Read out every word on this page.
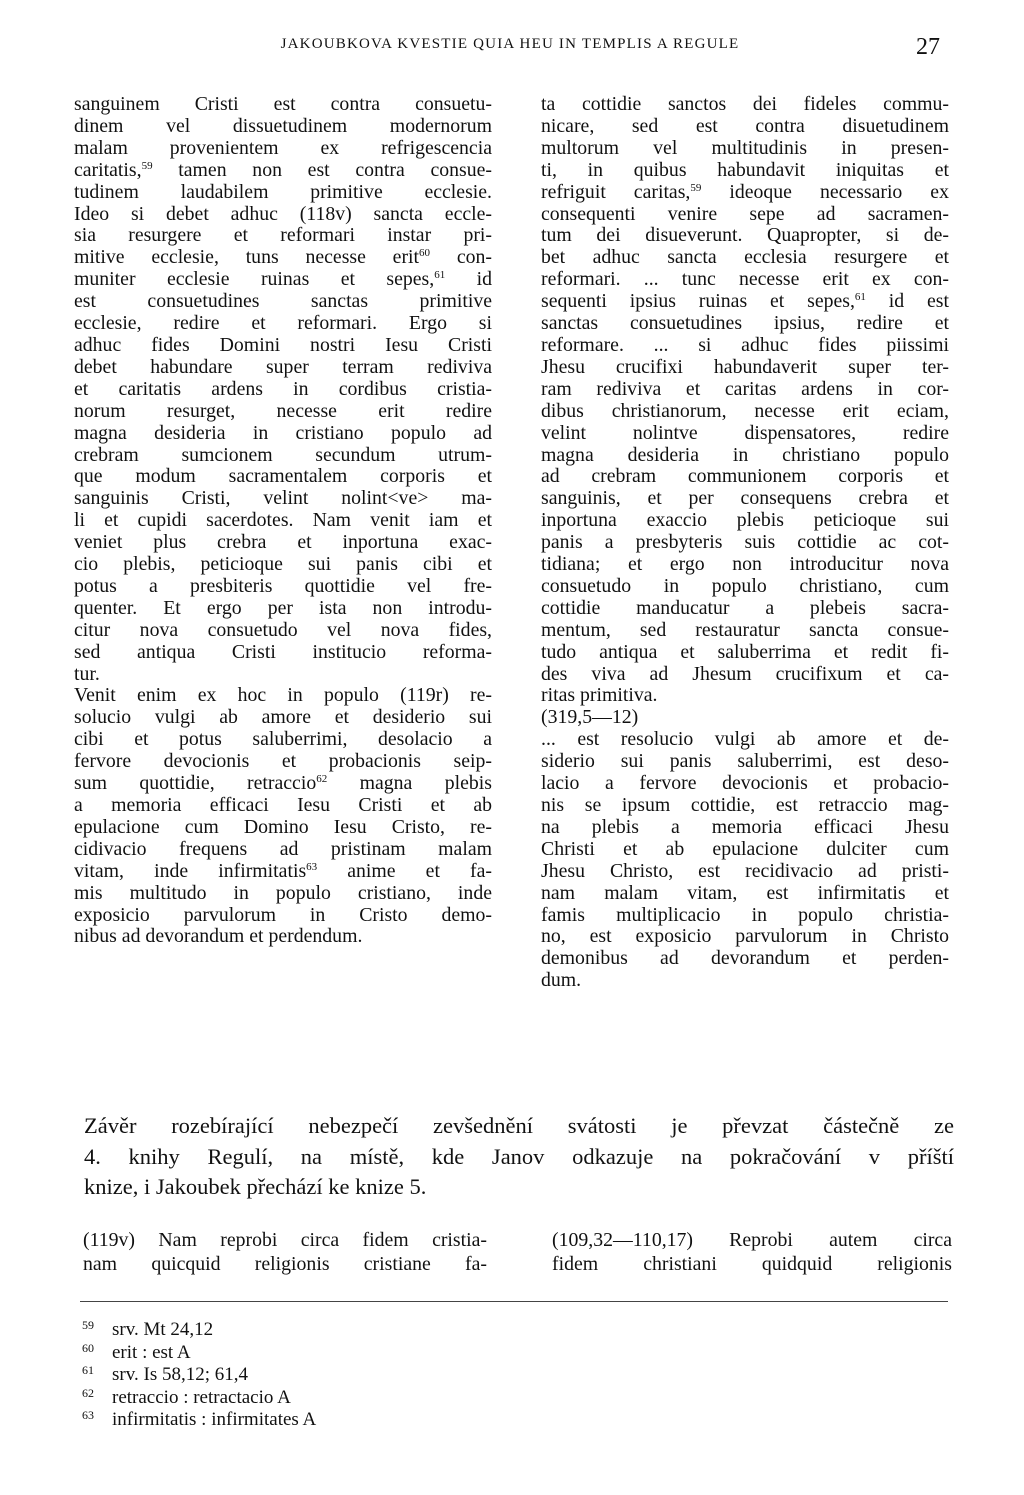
JAKOUBKOVA KVESTIE QUIA HEU IN TEMPLIS A REGULE	27
sanguinem Cristi est contra consuetu-
dinem vel dissuetudinem modernorum
malam provenientem ex refrigescencia
caritatis,$^{59}$ tamen non est contra consue-
tudinem laudabilem primitive ecclesie.
Ideo si debet adhuc (118v) sancta eccle-
sia resurgere et reformari instar pri-
mitive ecclesie, tuns necesse erit$^{60}$ con-
muniter ecclesie ruinas et sepes,$^{61}$ id
est consuetudines sanctas primitive
ecclesie, redire et reformari. Ergo si
adhuc fides Domini nostri Iesu Cristi
debet habundare super terram rediviva
et caritatis ardens in cordibus cristia-
norum resurget, necesse erit redire
magna desideria in cristiano populo ad
crebram sumcionem secundum utrum-
que modum sacramentalem corporis et
sanguinis Cristi, velint nolint<ve> ma-
li et cupidi sacerdotes. Nam venit iam et
veniet plus crebra et inportuna exac-
cio plebis, peticioque sui panis cibi et
potus a presbiteris quottidie vel fre-
quenter. Et ergo per ista non introdu-
citur nova consuetudo vel nova fides,
sed antiqua Cristi institucio reforma-
tur.
Venit enim ex hoc in populo (119r) re-
solucio vulgi ab amore et desiderio sui
cibi et potus saluberrimi, desolacio a
fervore devocionis et probacionis seip-
sum quottidie, retraccio$^{62}$ magna plebis
a memoria efficaci Iesu Cristi et ab
epulacione cum Domino Iesu Cristo, re-
cidivacio frequens ad pristinam malam
vitam, inde infirmitatis$^{63}$ anime et fa-
mis multitudo in populo cristiano, inde
exposicio parvulorum in Cristo demo-
nibus ad devorandum et perdendum.
ta cottidie sanctos dei fideles commu-
nicare, sed est contra disuetudinem
multorum vel multitudinis in presen-
ti, in quibus habundavit iniquitas et
refriguit caritas,$^{59}$ ideoque necessario ex
consequenti venire sepe ad sacramen-
tum dei disueverunt. Quapropter, si de-
bet adhuc sancta ecclesia resurgere et
reformari. ... tunc necesse erit ex con-
sequenti ipsius ruinas et sepes,$^{61}$ id est
sanctas consuetudines ipsius, redire et
reformare. ... si adhuc fides piissimi
Jhesu crucifixi habundaverit super ter-
ram rediviva et caritas ardens in cor-
dibus christianorum, necesse erit eciam,
velint nolintve dispensatores, redire
magna desideria in christiano populo
ad crebram communionem corporis et
sanguinis, et per consequens crebra et
inportuna exaccio plebis peticioque sui
panis a presbyteris suis cottidie ac cot-
tidiana; et ergo non introducitur nova
consuetudo in populo christiano, cum
cottidie manducatur a plebeis sacra-
mentum, sed restauratur sancta consue-
tudo antiqua et saluberrima et redit fi-
des viva ad Jhesum crucifixum et ca-
ritas primitiva.
(319,5—12)
... est resolucio vulgi ab amore et de-
siderio sui panis saluberrimi, est deso-
lacio a fervore devocionis et probacio-
nis se ipsum cottidie, est retraccio mag-
na plebis a memoria efficaci Jhesu
Christi et ab epulacione dulciter cum
Jhesu Christo, est recidivacio ad pristi-
nam malam vitam, est infirmitatis et
famis multiplicacio in populo christia-
no, est exposicio parvulorum in Christo
demonibus ad devorandum et perden-
dum.
Závěr rozebírající nebezpečí zevšednění svátosti je převzat částečně ze
4. knihy Regulí, na místě, kde Janov odkazuje na pokračování v příští
knize, i Jakoubek přechází ke knize 5.
(119v) Nam reprobi circa fidem cristia-
nam quicquid religionis cristiane fa-
(109,32—110,17) Reprobi autem circa
fidem christiani quidquid religionis
$^{59}$ srv. Mt 24,12
$^{60}$ erit : est A
$^{61}$ srv. Is 58,12; 61,4
$^{62}$ retraccio : retractacio A
$^{63}$ infirmitatis : infirmitates A
